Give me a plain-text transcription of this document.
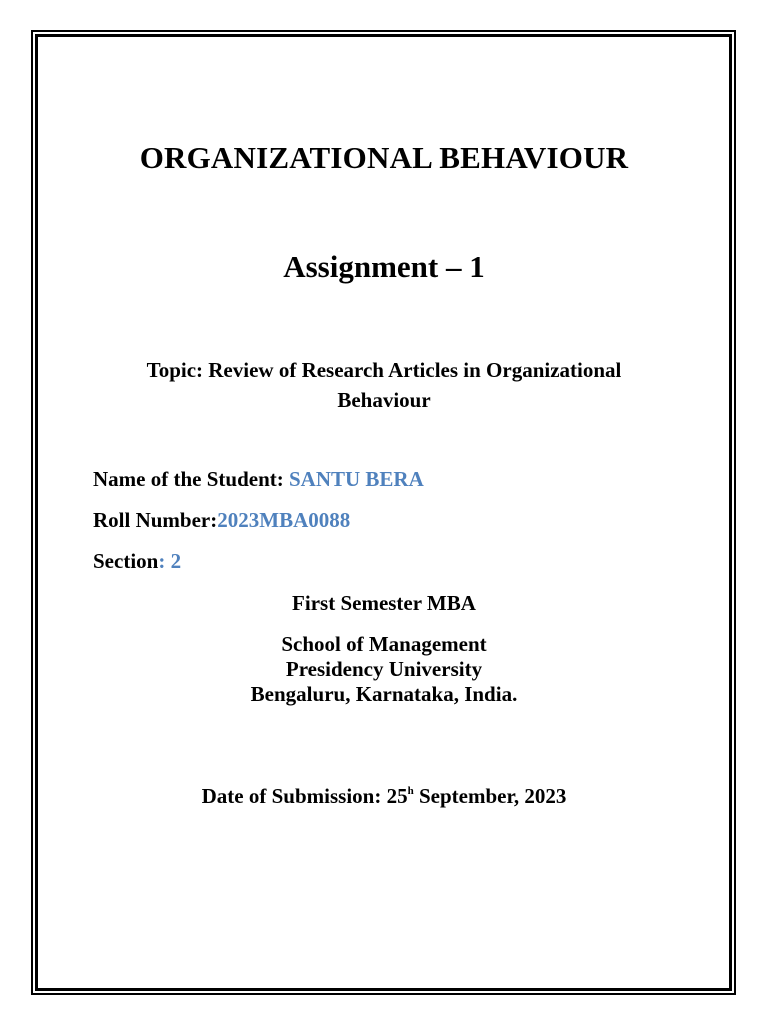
ORGANIZATIONAL BEHAVIOUR
Assignment – 1
Topic: Review of Research Articles in Organizational
Behaviour
Name of the Student: SANTU BERA
Roll Number:2023MBA0088
Section: 2
First Semester MBA
School of Management
Presidency University
Bengaluru, Karnataka, India.
Date of Submission: 25$^h$ September, 2023
